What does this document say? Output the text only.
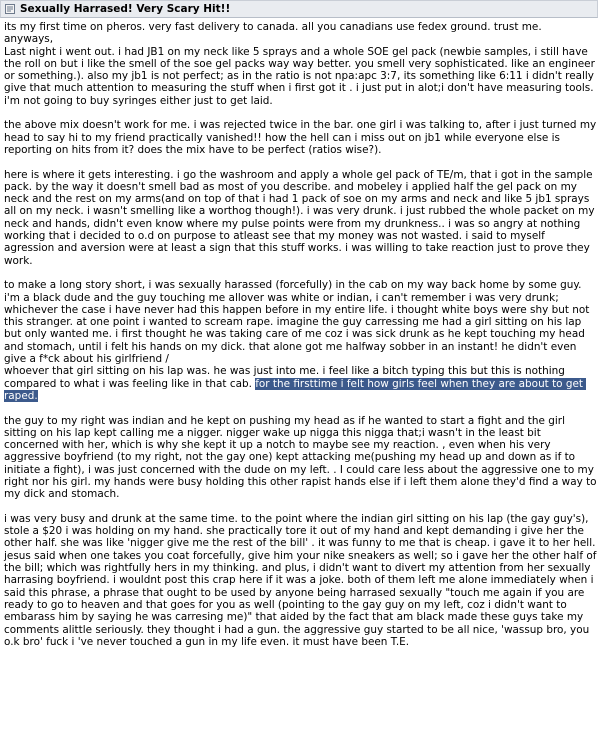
Sexually Harrased! Very Scary Hit!!

its my first time on pheros. very fast delivery to canada. all you canadians use fedex ground. trust me.
anyways,
Last night i went out. i had JB1 on my neck like 5 sprays and a whole SOE gel pack (newbie samples, i still have the roll on but i like the smell of the soe gel packs way way better. you smell very sophisticated. like an engineer or something.). also my jb1 is not perfect; as in the ratio is not npa:apc 3:7, its something like 6:11 i didn't really give that much attention to measuring the stuff when i first got it . i just put in alot;i don't have measuring tools. i'm not going to buy syringes either just to get laid.

the above mix doesn't work for me. i was rejected twice in the bar. one girl i was talking to, after i just turned my head to say hi to my friend practically vanished!! how the hell can i miss out on jb1 while everyone else is reporting on hits from it? does the mix have to be perfect (ratios wise?).

here is where it gets interesting. i go the washroom and apply a whole gel pack of TE/m, that i got in the sample pack. by the way it doesn't smell bad as most of you describe. and mobeley i applied half the gel pack on my neck and the rest on my arms(and on top of that i had 1 pack of soe on my arms and neck and like 5 jb1 sprays all on my neck. i wasn't smelling like a worthog though!). i was very drunk. i just rubbed the whole packet on my neck and hands, didn't even know where my pulse points were from my drunkness.. i was so angry at nothing working that i decided to o.d on purpose to atleast see that my money was not wasted. i said to myself agression and aversion were at least a sign that this stuff works. i was willing to take reaction just to prove they work.

to make a long story short, i was sexually harassed (forcefully) in the cab on my way back home by some guy. i'm a black dude and the guy touching me allover was white or indian, i can't remember i was very drunk; whichever the case i have never had this happen before in my entire life. i thought white boys were shy but not this stranger. at one point i wanted to scream rape. imagine the guy carressing me had a girl sitting on his lap but only wanted me. i first thought he was taking care of me coz i was sick drunk as he kept touching my head and stomach, until i felt his hands on my dick. that alone got me halfway sobber in an instant! he didn't even give a f*ck about his girlfriend /
whoever that girl sitting on his lap was. he was just into me. i feel like a bitch typing this but this is nothing compared to what i was feeling like in that cab. for the firsttime i felt how girls feel when they are about to get raped.

the guy to my right was indian and he kept on pushing my head as if he wanted to start a fight and the girl sitting on his lap kept calling me a nigger. nigger wake up nigga this nigga that;i wasn't in the least bit concerned with her, which is why she kept it up a notch to maybe see my reaction. , even when his very aggressive boyfriend (to my right, not the gay one) kept attacking me(pushing my head up and down as if to initiate a fight), i was just concerned with the dude on my left. . I could care less about the aggressive one to my right nor his girl. my hands were busy holding this other rapist hands else if i left them alone they'd find a way to my dick and stomach.

i was very busy and drunk at the same time. to the point where the indian girl sitting on his lap (the gay guy's), stole a $20 i was holding on my hand. she practically tore it out of my hand and kept demanding i give her the other half. she was like 'nigger give me the rest of the bill' . it was funny to me that is cheap. i gave it to her hell. jesus said when one takes you coat forcefully, give him your nike sneakers as well; so i gave her the other half of the bill; which was rightfully hers in my thinking. and plus, i didn't want to divert my attention from her sexually harrasing boyfriend. i wouldnt post this crap here if it was a joke. both of them left me alone immediately when i said this phrase, a phrase that ought to be used by anyone being harrased sexually "touch me again if you are ready to go to heaven and that goes for you as well (pointing to the gay guy on my left, coz i didn't want to embarass him by saying he was carresing me)" that aided by the fact that am black made these guys take my comments alittle seriously. they thought i had a gun. the aggressive guy started to be all nice, 'wassup bro, you o.k bro' fuck i 've never touched a gun in my life even. it must have been T.E.
